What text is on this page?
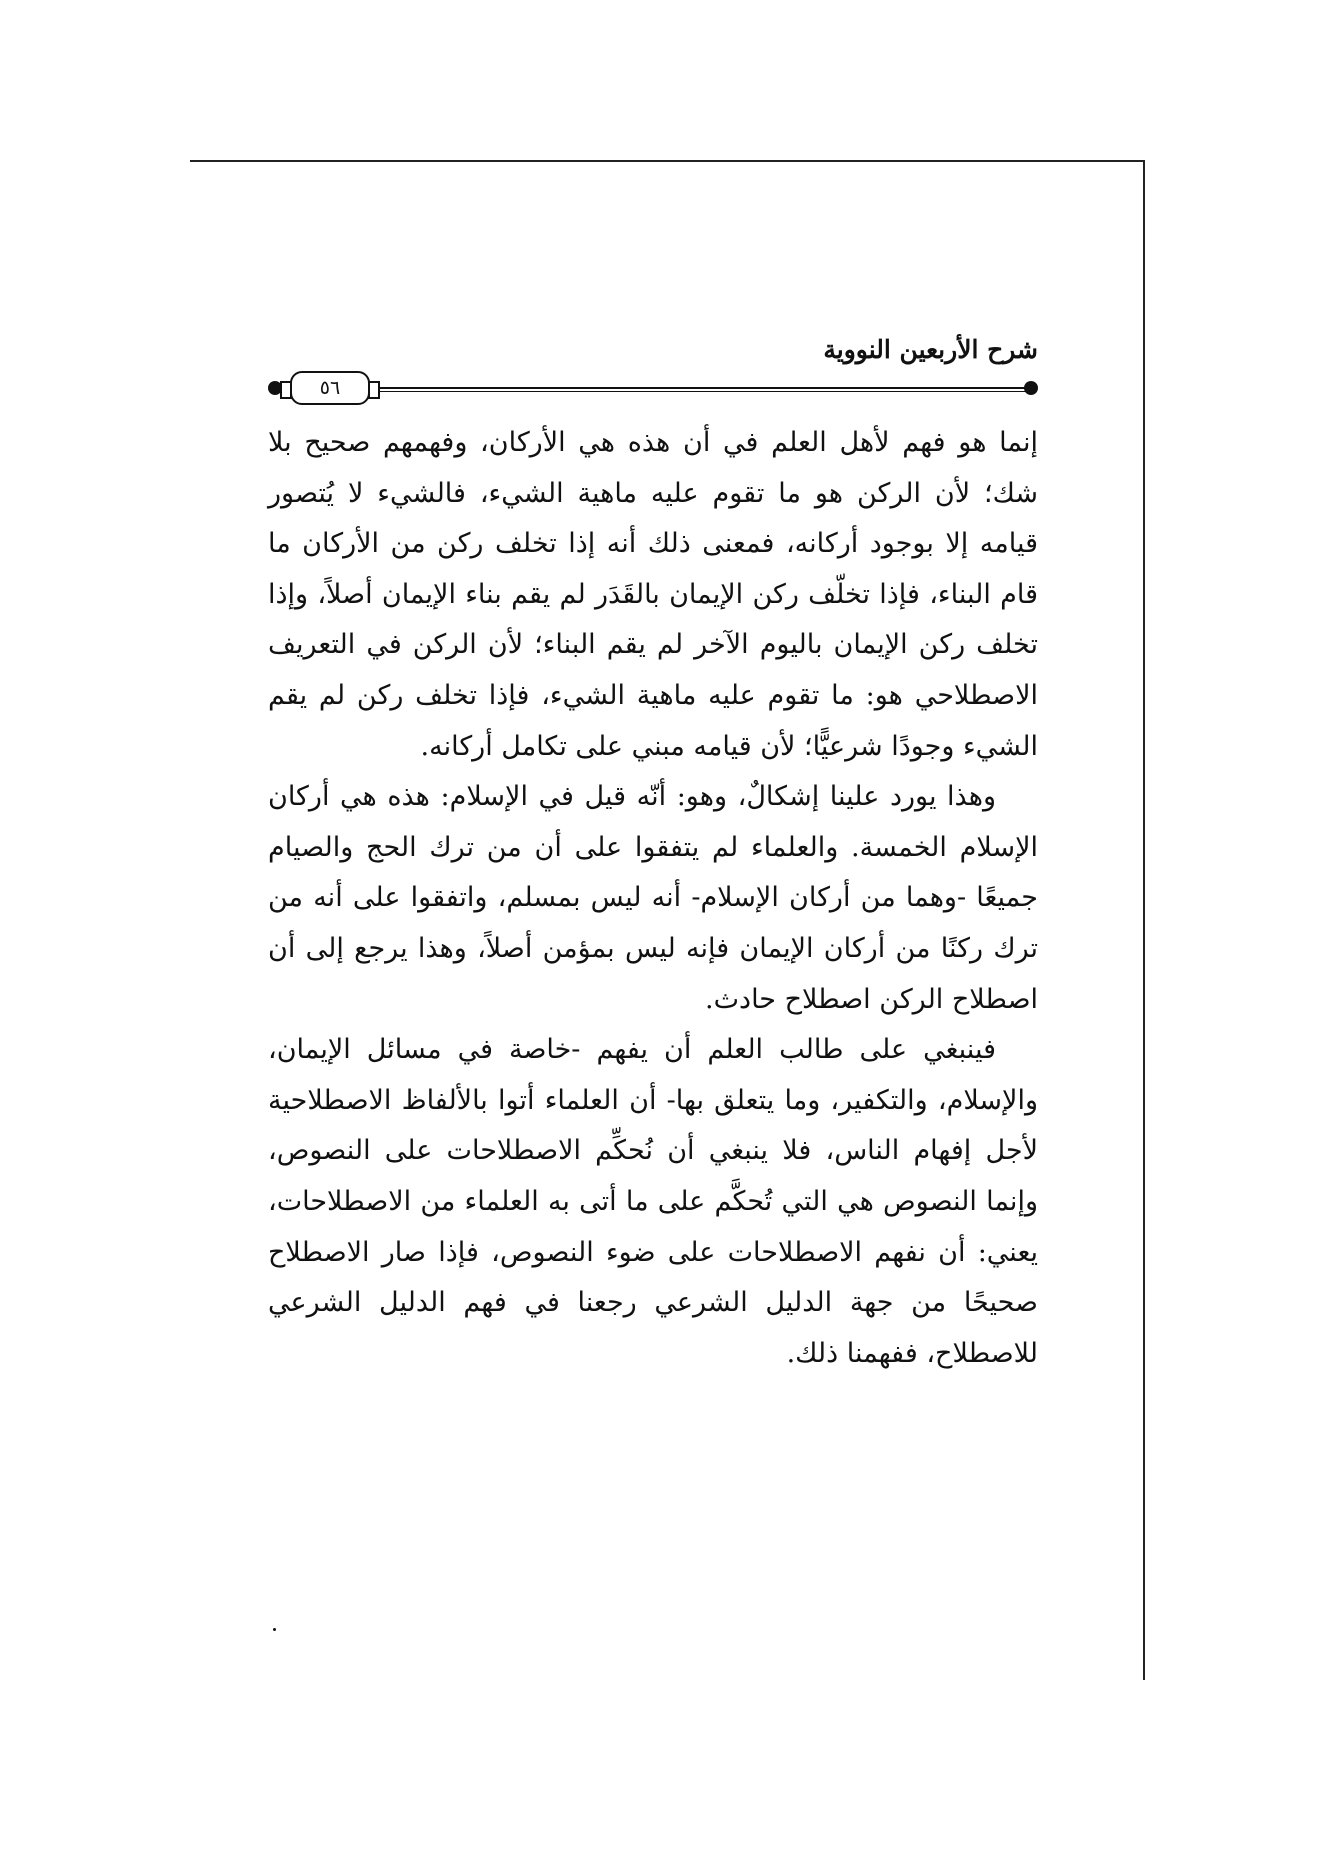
شرح الأربعين النووية
٥٦

إنما هو فهم لأهل العلم في أن هذه هي الأركان، وفهمهم صحيح بلا شك؛ لأن الركن هو ما تقوم عليه ماهية الشيء، فالشيء لا يُتصور قيامه إلا بوجود أركانه، فمعنى ذلك أنه إذا تخلف ركن من الأركان ما قام البناء، فإذا تخلّف ركن الإيمان بالقَدَر لم يقم بناء الإيمان أصلاً، وإذا تخلف ركن الإيمان باليوم الآخر لم يقم البناء؛ لأن الركن في التعريف الاصطلاحي هو: ما تقوم عليه ماهية الشيء، فإذا تخلف ركن لم يقم الشيء وجودًا شرعيًّا؛ لأن قيامه مبني على تكامل أركانه.

وهذا يورد علينا إشكالٌ، وهو: أنّه قيل في الإسلام: هذه هي أركان الإسلام الخمسة. والعلماء لم يتفقوا على أن من ترك الحج والصيام جميعًا -وهما من أركان الإسلام- أنه ليس بمسلم، واتفقوا على أنه من ترك ركنًا من أركان الإيمان فإنه ليس بمؤمن أصلاً، وهذا يرجع إلى أن اصطلاح الركن اصطلاح حادث.

فينبغي على طالب العلم أن يفهم -خاصة في مسائل الإيمان، والإسلام، والتكفير، وما يتعلق بها- أن العلماء أتوا بالألفاظ الاصطلاحية لأجل إفهام الناس، فلا ينبغي أن نُحكِّم الاصطلاحات على النصوص، وإنما النصوص هي التي تُحكَّم على ما أتى به العلماء من الاصطلاحات، يعني: أن نفهم الاصطلاحات على ضوء النصوص، فإذا صار الاصطلاح صحيحًا من جهة الدليل الشرعي رجعنا في فهم الدليل الشرعي للاصطلاح، ففهمنا ذلك.
